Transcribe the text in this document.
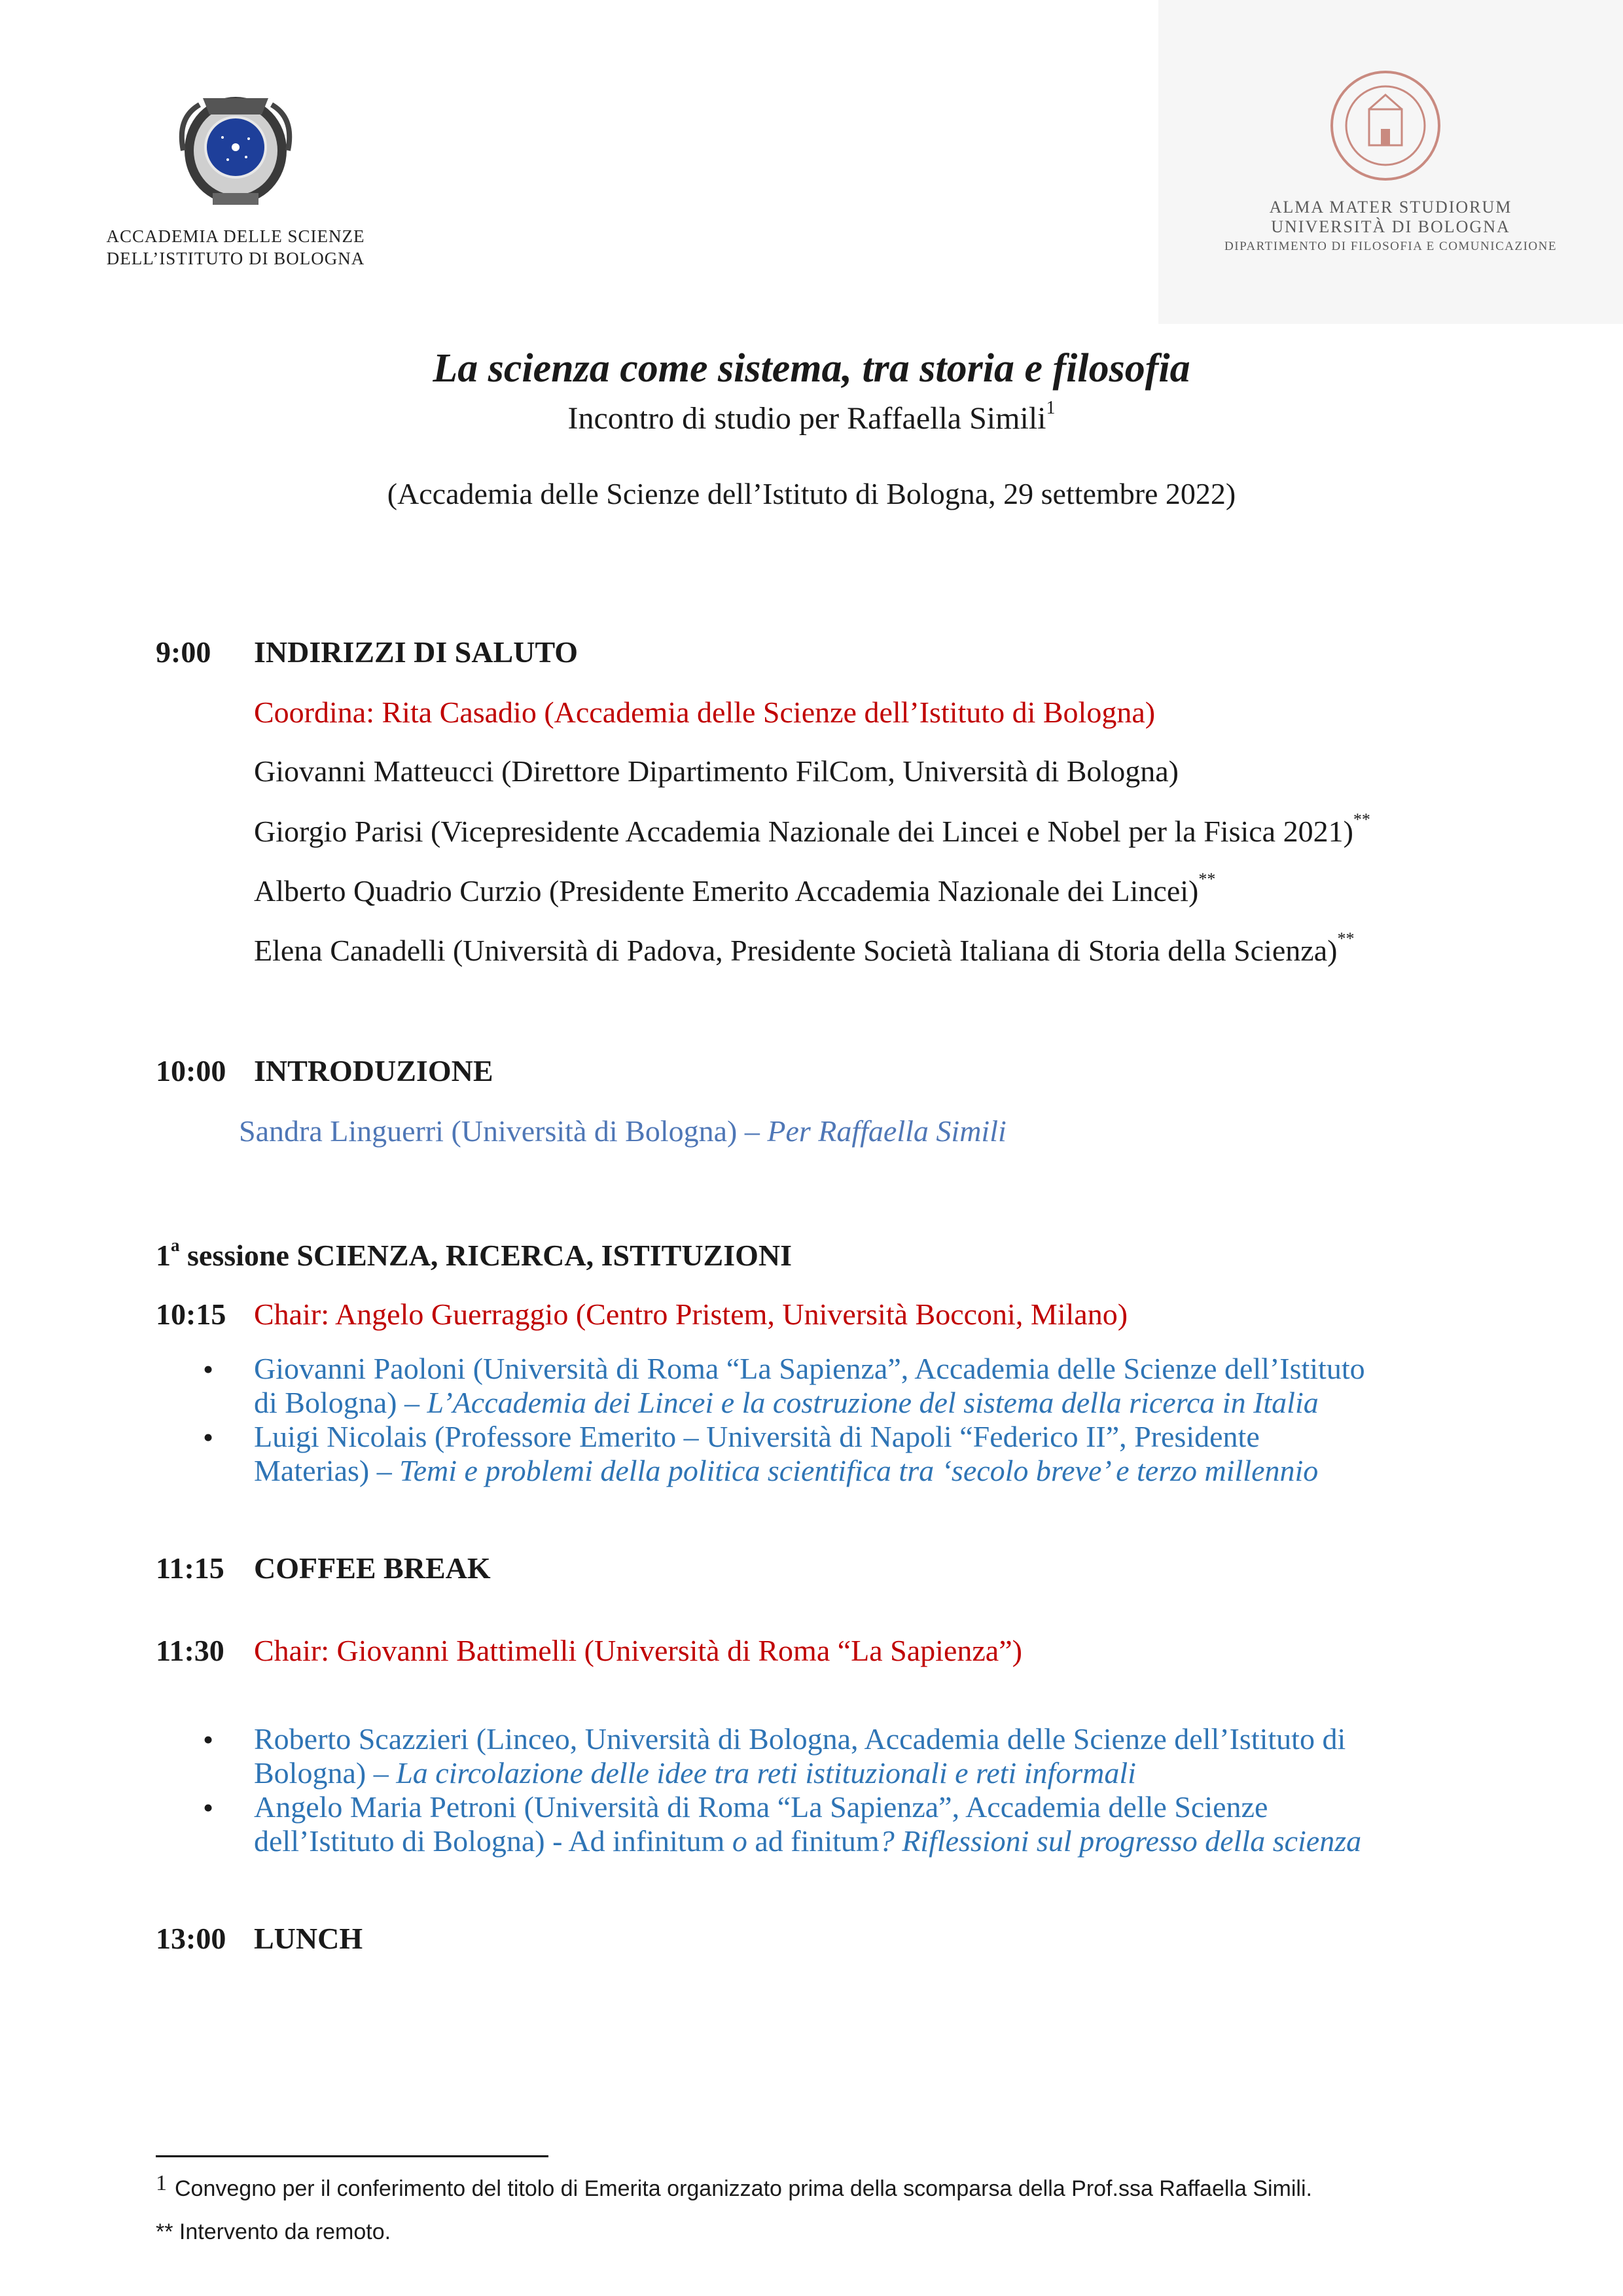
ACCADEMIA DELLE SCIENZE
DELL’ISTITUTO DI BOLOGNA
ALMA MATER STUDIORUM
UNIVERSITÀ DI BOLOGNA
DIPARTIMENTO DI FILOSOFIA E COMUNICAZIONE
La scienza come sistema, tra storia e filosofia
Incontro di studio per Raffaella Simili$^1$
(Accademia delle Scienze dell’Istituto di Bologna, 29 settembre 2022)
9:00 INDIRIZZI DI SALUTO
Coordina: Rita Casadio (Accademia delle Scienze dell’Istituto di Bologna)
Giovanni Matteucci (Direttore Dipartimento FilCom, Università di Bologna)
Giorgio Parisi (Vicepresidente Accademia Nazionale dei Lincei e Nobel per la Fisica 2021)**
Alberto Quadrio Curzio (Presidente Emerito Accademia Nazionale dei Lincei)**
Elena Canadelli (Università di Padova, Presidente Società Italiana di Storia della Scienza)**
10:00 INTRODUZIONE
Sandra Linguerri (Università di Bologna) – Per Raffaella Simili
1$^a$ sessione SCIENZA, RICERCA, ISTITUZIONI
10:15 Chair: Angelo Guerraggio (Centro Pristem, Università Bocconi, Milano)
• Giovanni Paoloni (Università di Roma “La Sapienza”, Accademia delle Scienze dell’Istituto
di Bologna) – L’Accademia dei Lincei e la costruzione del sistema della ricerca in Italia
• Luigi Nicolais (Professore Emerito – Università di Napoli “Federico II”, Presidente
Materias) – Temi e problemi della politica scientifica tra ‘secolo breve’ e terzo millennio
11:15 COFFEE BREAK
11:30 Chair: Giovanni Battimelli (Università di Roma “La Sapienza”)
• Roberto Scazzieri (Linceo, Università di Bologna, Accademia delle Scienze dell’Istituto di
Bologna) – La circolazione delle idee tra reti istituzionali e reti informali
• Angelo Maria Petroni (Università di Roma “La Sapienza”, Accademia delle Scienze
dell’Istituto di Bologna) - Ad infinitum o ad finitum? Riflessioni sul progresso della scienza
13:00 LUNCH
1 Convegno per il conferimento del titolo di Emerita organizzato prima della scomparsa della Prof.ssa Raffaella Simili.
** Intervento da remoto.
